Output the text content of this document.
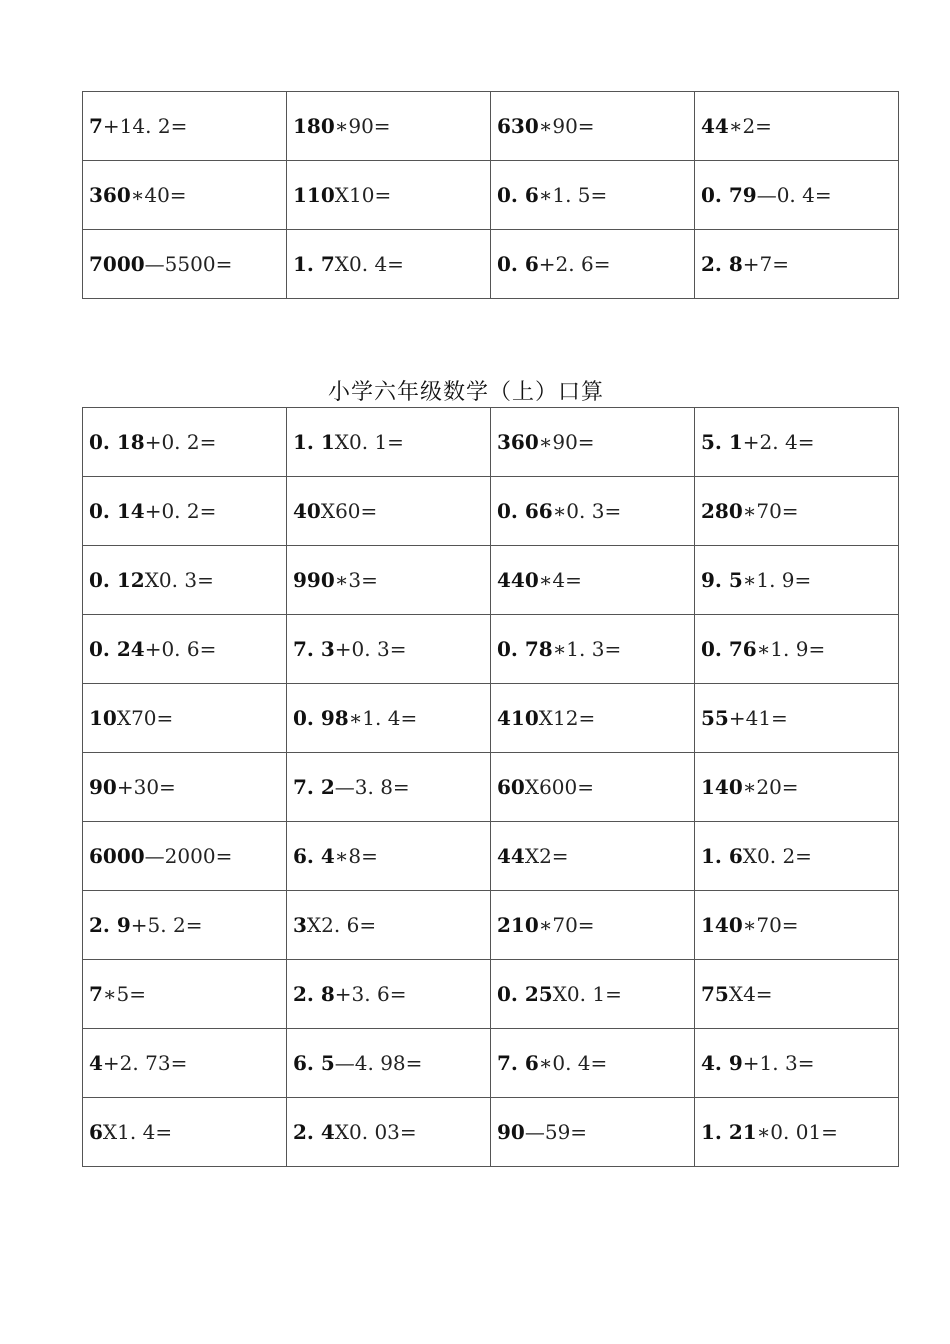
7+14. 2=	180∗90=	630∗90=	44∗2=
360∗40=	110X10=	0. 6∗1. 5=	0. 79—0. 4=
7000—5500=	1. 7X0. 4=	0. 6+2. 6=	2. 8+7=
小学六年级数学（上）口算
0. 18+0. 2=	1. 1X0. 1=	360∗90=	5. 1+2. 4=
0. 14+0. 2=	40X60=	0. 66∗0. 3=	280∗70=
0. 12X0. 3=	990∗3=	440∗4=	9. 5∗1. 9=
0. 24+0. 6=	7. 3+0. 3=	0. 78∗1. 3=	0. 76∗1. 9=
10X70=	0. 98∗1. 4=	410X12=	55+41=
90+30=	7. 2—3. 8=	60X600=	140∗20=
6000—2000=	6. 4∗8=	44X2=	1. 6X0. 2=
2. 9+5. 2=	3X2. 6=	210∗70=	140∗70=
7∗5=	2. 8+3. 6=	0. 25X0. 1=	75X4=
4+2. 73=	6. 5—4. 98=	7. 6∗0. 4=	4. 9+1. 3=
6X1. 4=	2. 4X0. 03=	90—59=	1. 21∗0. 01=
